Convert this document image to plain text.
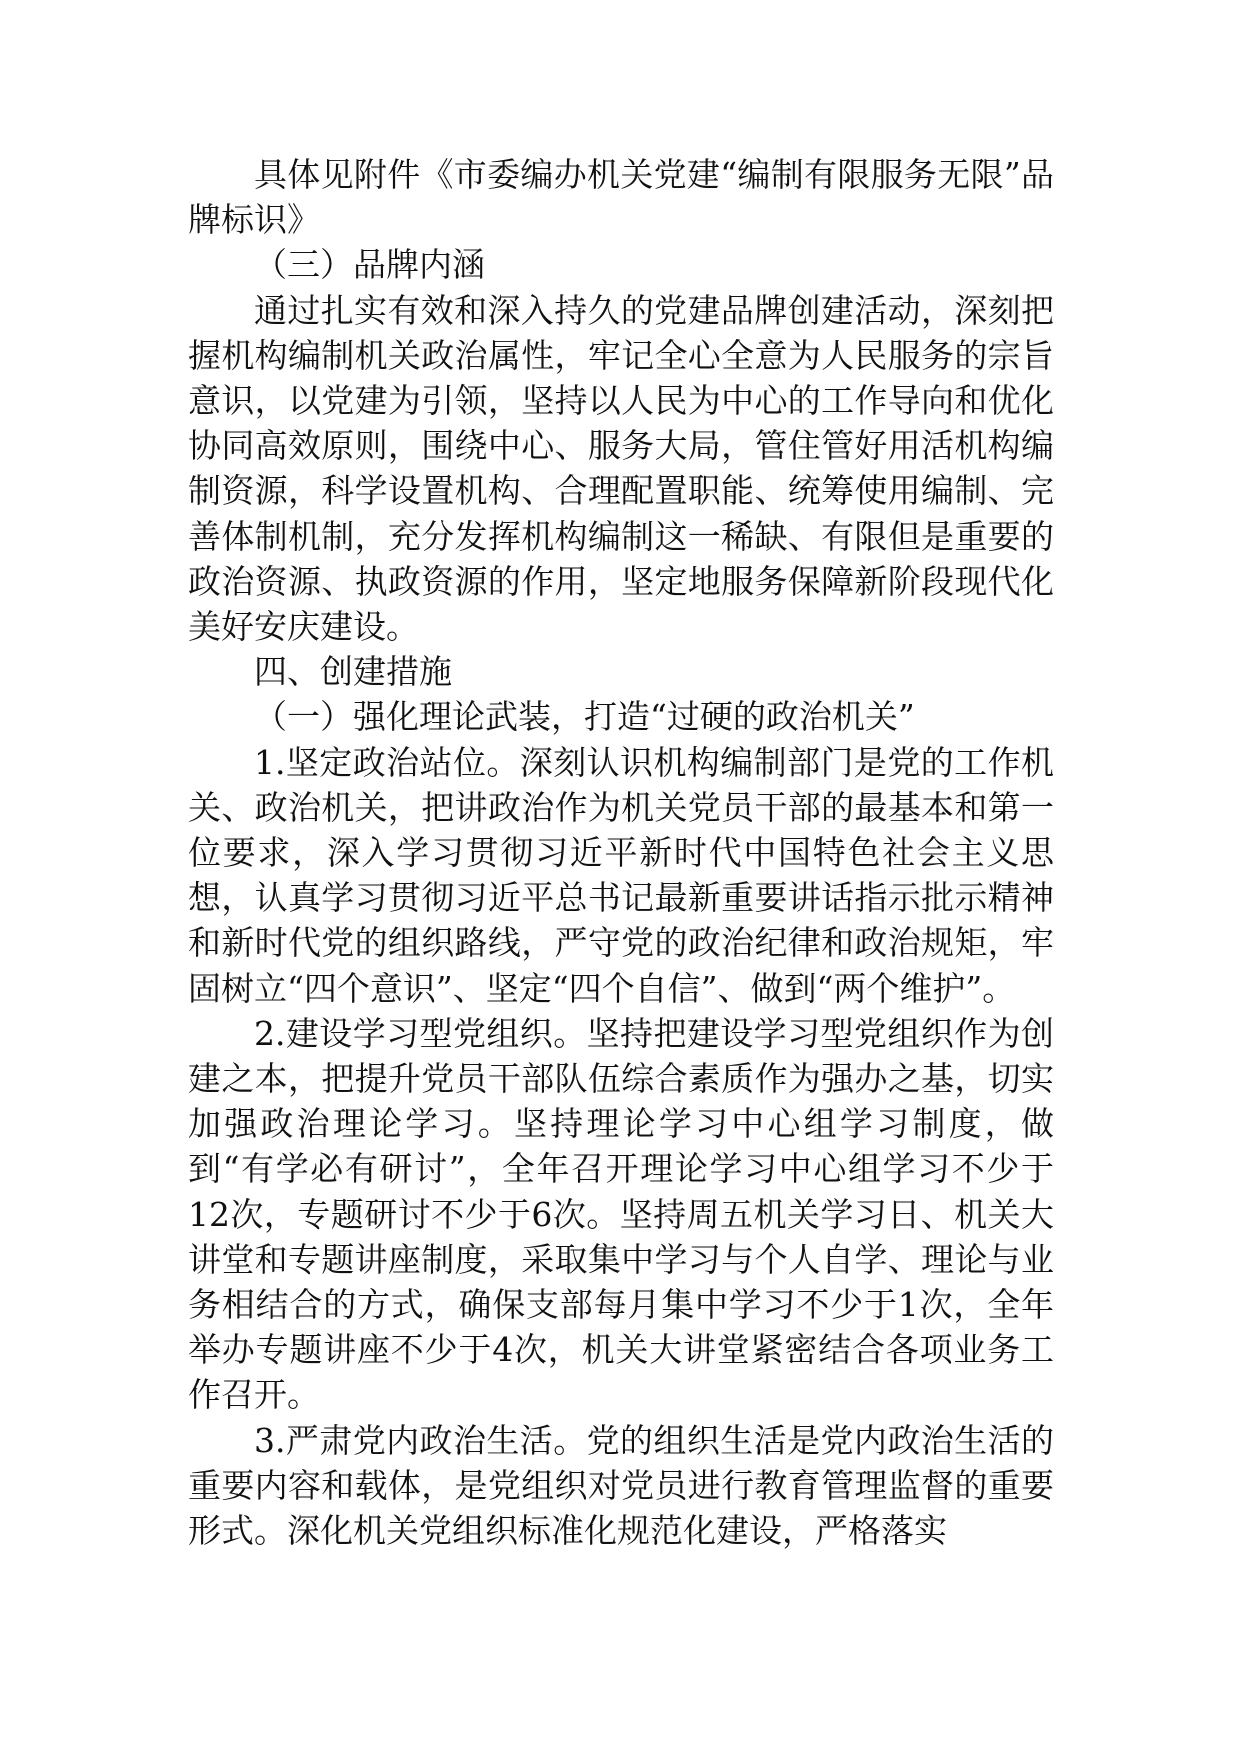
具体见附件《市委编办机关党建“编制有限服务无限”品牌标识》

（三）品牌内涵

通过扎实有效和深入持久的党建品牌创建活动，深刻把握机构编制机关政治属性，牢记全心全意为人民服务的宗旨意识，以党建为引领，坚持以人民为中心的工作导向和优化协同高效原则，围绕中心、服务大局，管住管好用活机构编制资源，科学设置机构、合理配置职能、统筹使用编制、完善体制机制，充分发挥机构编制这一稀缺、有限但是重要的政治资源、执政资源的作用，坚定地服务保障新阶段现代化美好安庆建设。

四、创建措施

（一）强化理论武装，打造“过硬的政治机关”

1.坚定政治站位。深刻认识机构编制部门是党的工作机关、政治机关，把讲政治作为机关党员干部的最基本和第一位要求，深入学习贯彻习近平新时代中国特色社会主义思想，认真学习贯彻习近平总书记最新重要讲话指示批示精神和新时代党的组织路线，严守党的政治纪律和政治规矩，牢固树立“四个意识”、坚定“四个自信”、做到“两个维护”。

2.建设学习型党组织。坚持把建设学习型党组织作为创建之本，把提升党员干部队伍综合素质作为强办之基，切实加强政治理论学习。坚持理论学习中心组学习制度，做到“有学必有研讨”，全年召开理论学习中心组学习不少于12次，专题研讨不少于6次。坚持周五机关学习日、机关大讲堂和专题讲座制度，采取集中学习与个人自学、理论与业务相结合的方式，确保支部每月集中学习不少于1次，全年举办专题讲座不少于4次，机关大讲堂紧密结合各项业务工作召开。

3.严肃党内政治生活。党的组织生活是党内政治生活的重要内容和载体，是党组织对党员进行教育管理监督的重要形式。深化机关党组织标准化规范化建设，严格落实
